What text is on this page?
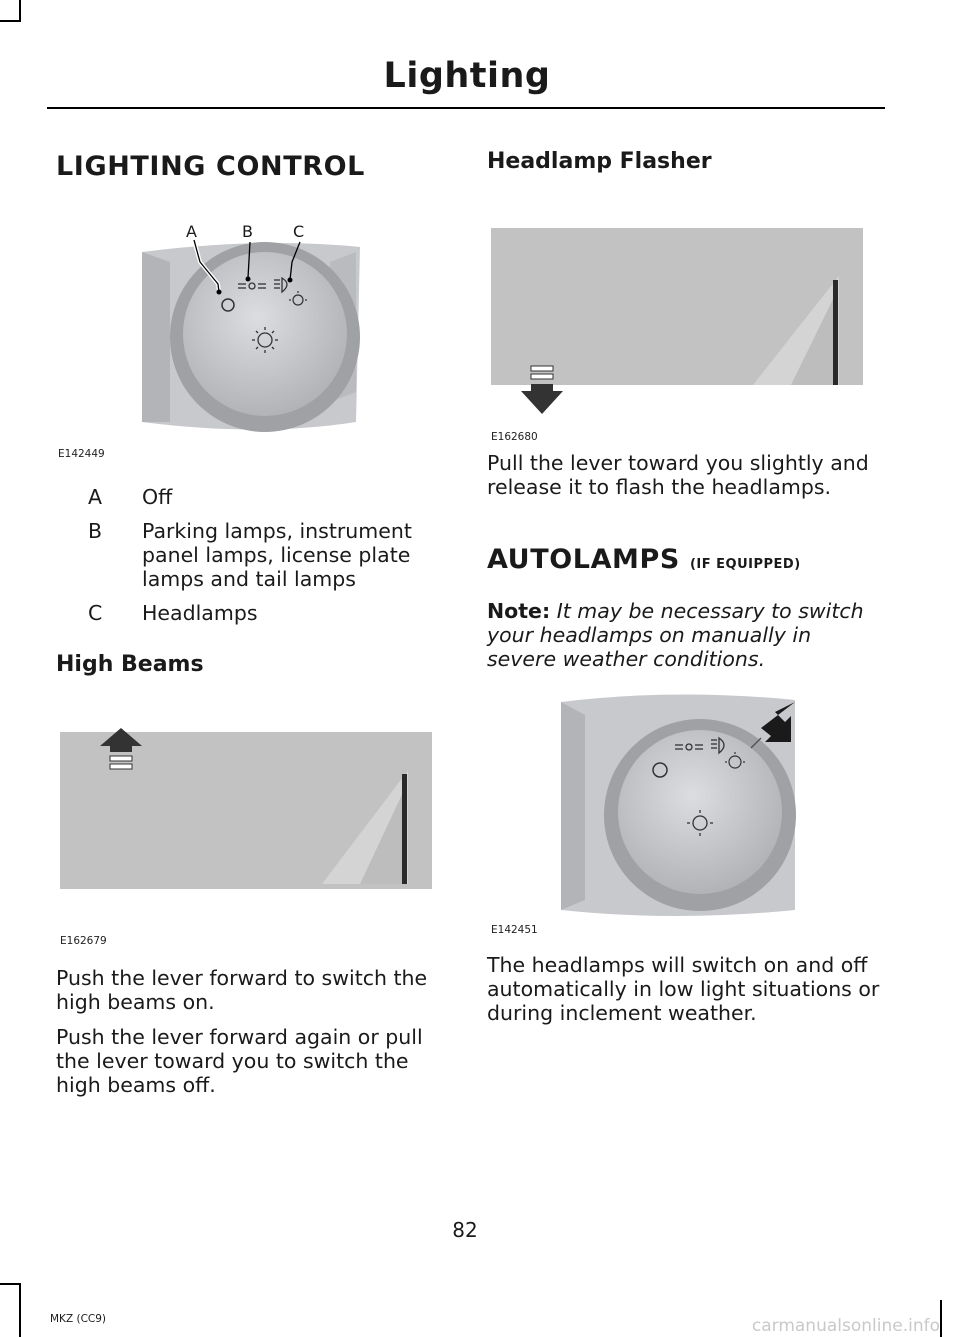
Lighting
LIGHTING CONTROL
A	B	C
E142449
A Off
B Parking lamps, instrument panel lamps, license plate lamps and tail lamps
C Headlamps
High Beams
E162679
Push the lever forward to switch the high beams on.
Push the lever forward again or pull the lever toward you to switch the high beams off.
Headlamp Flasher
E162680
Pull the lever toward you slightly and release it to flash the headlamps.
AUTOLAMPS (IF EQUIPPED)
Note: It may be necessary to switch your headlamps on manually in severe weather conditions.
E142451
The headlamps will switch on and off automatically in low light situations or during inclement weather.
82
MKZ (CC9)	carmanualsonline.info
